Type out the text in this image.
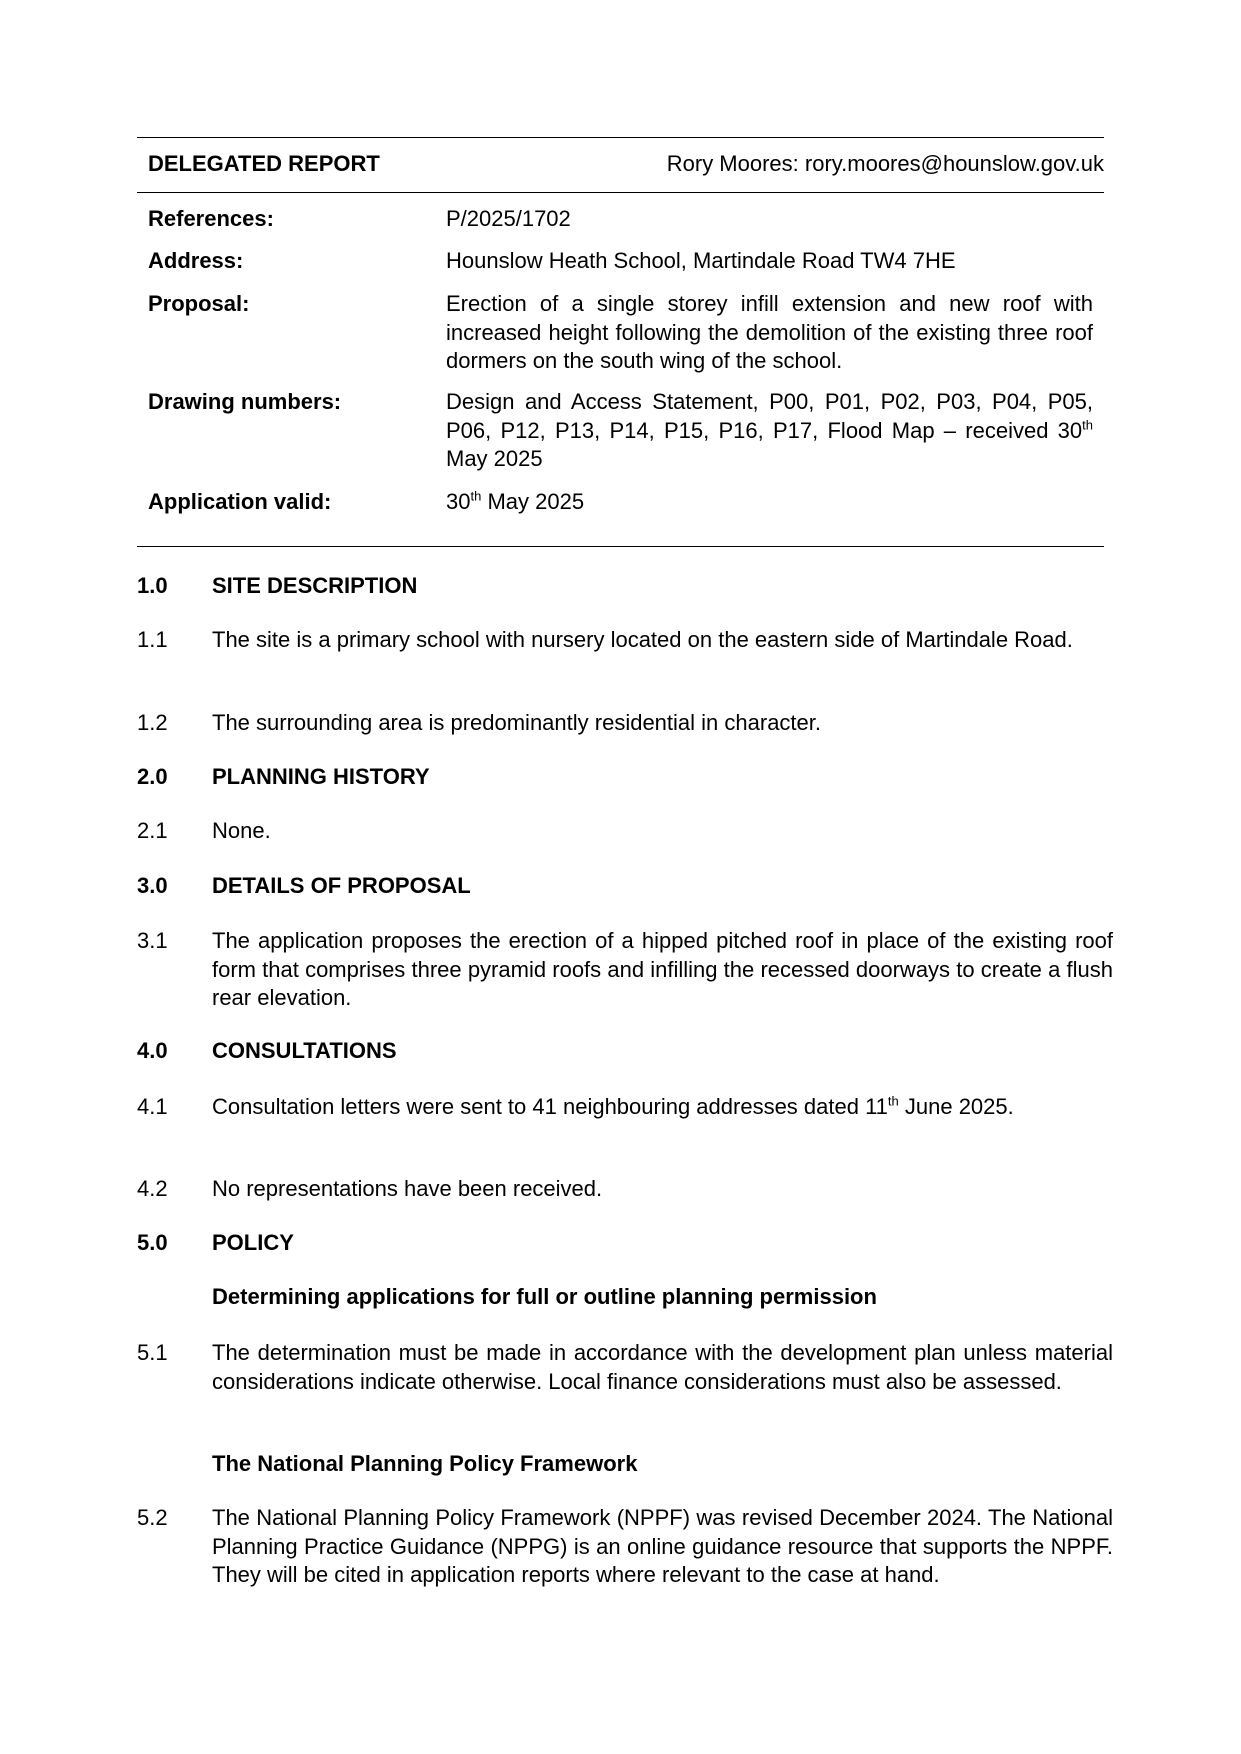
DELEGATED REPORT	Rory Moores: rory.moores@hounslow.gov.uk
References:	P/2025/1702
Address:	Hounslow Heath School, Martindale Road TW4 7HE
Proposal:	Erection of a single storey infill extension and new roof with increased height following the demolition of the existing three roof dormers on the south wing of the school.
Drawing numbers:	Design and Access Statement, P00, P01, P02, P03, P04, P05, P06, P12, P13, P14, P15, P16, P17, Flood Map – received 30th May 2025
Application valid:	30th May 2025
1.0 SITE DESCRIPTION
1.1 The site is a primary school with nursery located on the eastern side of Martindale Road.
1.2 The surrounding area is predominantly residential in character.
2.0 PLANNING HISTORY
2.1 None.
3.0 DETAILS OF PROPOSAL
3.1 The application proposes the erection of a hipped pitched roof in place of the existing roof form that comprises three pyramid roofs and infilling the recessed doorways to create a flush rear elevation.
4.0 CONSULTATIONS
4.1 Consultation letters were sent to 41 neighbouring addresses dated 11th June 2025.
4.2 No representations have been received.
5.0 POLICY
Determining applications for full or outline planning permission
5.1 The determination must be made in accordance with the development plan unless material considerations indicate otherwise. Local finance considerations must also be assessed.
The National Planning Policy Framework
5.2 The National Planning Policy Framework (NPPF) was revised December 2024. The National Planning Practice Guidance (NPPG) is an online guidance resource that supports the NPPF. They will be cited in application reports where relevant to the case at hand.
